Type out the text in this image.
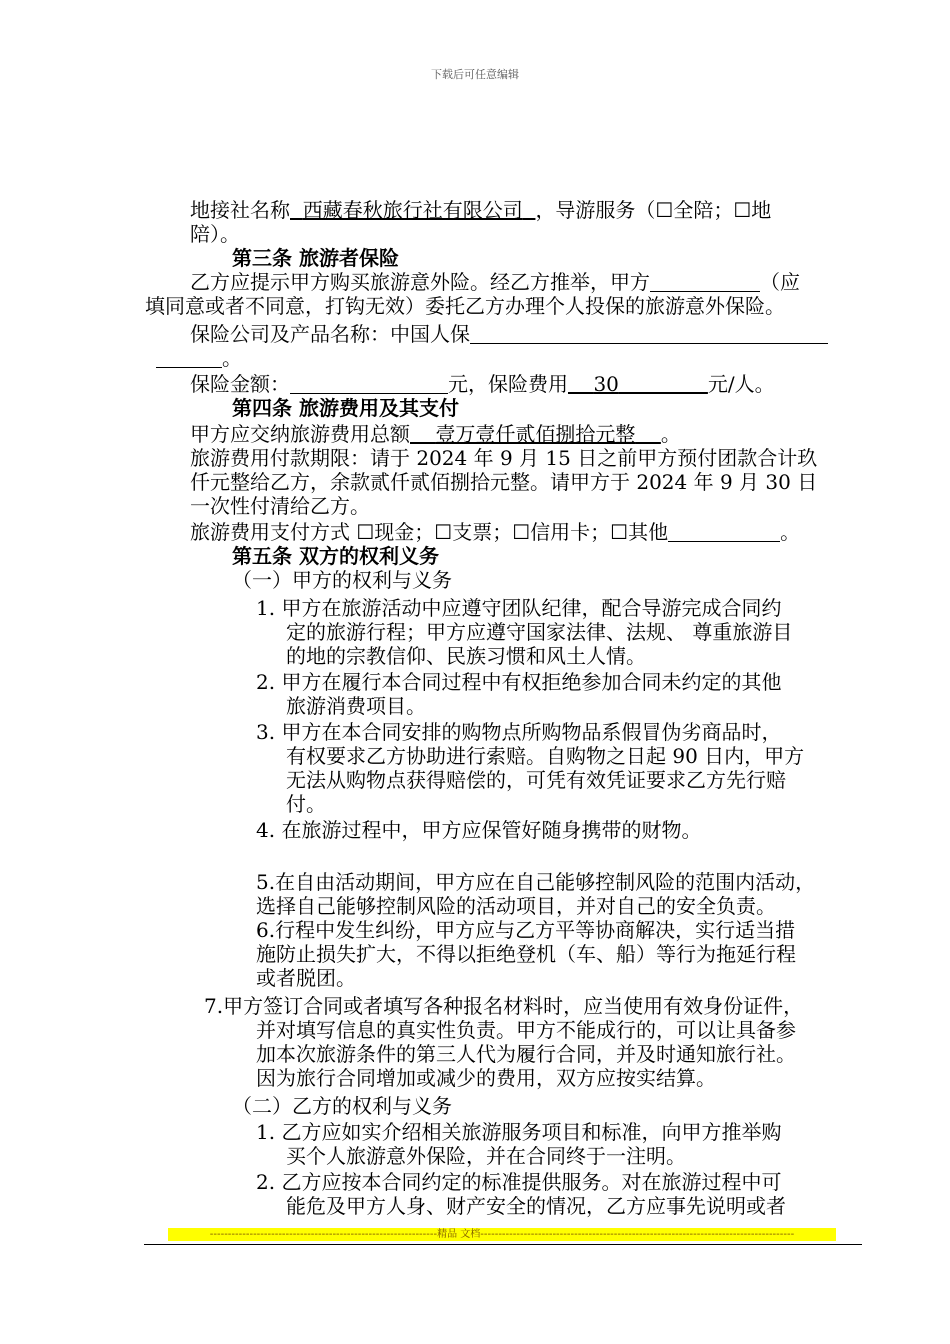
下载后可任意编辑
地接社名称 西藏春秋旅行社有限公司 ，导游服务（☐全陪；☐地
陪）。
第三条 旅游者保险
乙方应提示甲方购买旅游意外险。经乙方推举，甲方	（应
填同意或者不同意，打钩无效）委托乙方办理个人投保的旅游意外保险。
保险公司及产品名称：中国人保
。
保险金额：	元，保险费用 30	元/人。
第四条 旅游费用及其支付
甲方应交纳旅游费用总额 壹万壹仟贰佰捌拾元整 。
旅游费用付款期限：请于 2024 年 9 月 15 日之前甲方预付团款合计玖
仟元整给乙方，余款贰仟贰佰捌拾元整。请甲方于 2024 年 9 月 30 日
一次性付清给乙方。
旅游费用支付方式 ☐现金；☐支票；☐信用卡；☐其他	。
第五条 双方的权利义务
（一）甲方的权利与义务
1. 甲方在旅游活动中应遵守团队纪律，配合导游完成合同约
定的旅游行程；甲方应遵守国家法律、法规、 尊重旅游目
的地的宗教信仰、民族习惯和风土人情。
2. 甲方在履行本合同过程中有权拒绝参加合同未约定的其他
旅游消费项目。
3. 甲方在本合同安排的购物点所购物品系假冒伪劣商品时，
有权要求乙方协助进行索赔。自购物之日起 90 日内，甲方
无法从购物点获得赔偿的，可凭有效凭证要求乙方先行赔
付。
4. 在旅游过程中，甲方应保管好随身携带的财物。
5.在自由活动期间，甲方应在自己能够控制风险的范围内活动，
选择自己能够控制风险的活动项目，并对自己的安全负责。
6.行程中发生纠纷，甲方应与乙方平等协商解决，实行适当措
施防止损失扩大，不得以拒绝登机（车、船）等行为拖延行程
或者脱团。
7.甲方签订合同或者填写各种报名材料时，应当使用有效身份证件，
并对填写信息的真实性负责。甲方不能成行的，可以让具备参
加本次旅游条件的第三人代为履行合同，并及时通知旅行社。
因为旅行合同增加或减少的费用，双方应按实结算。
（二）乙方的权利与义务
1. 乙方应如实介绍相关旅游服务项目和标准，向甲方推举购
买个人旅游意外保险，并在合同终于一注明。
2. 乙方应按本合同约定的标准提供服务。对在旅游过程中可
能危及甲方人身、财产安全的情况，乙方应事先说明或者
---------------------------------------------------------------精品 文档---------------------------------------------------------------------------------------
